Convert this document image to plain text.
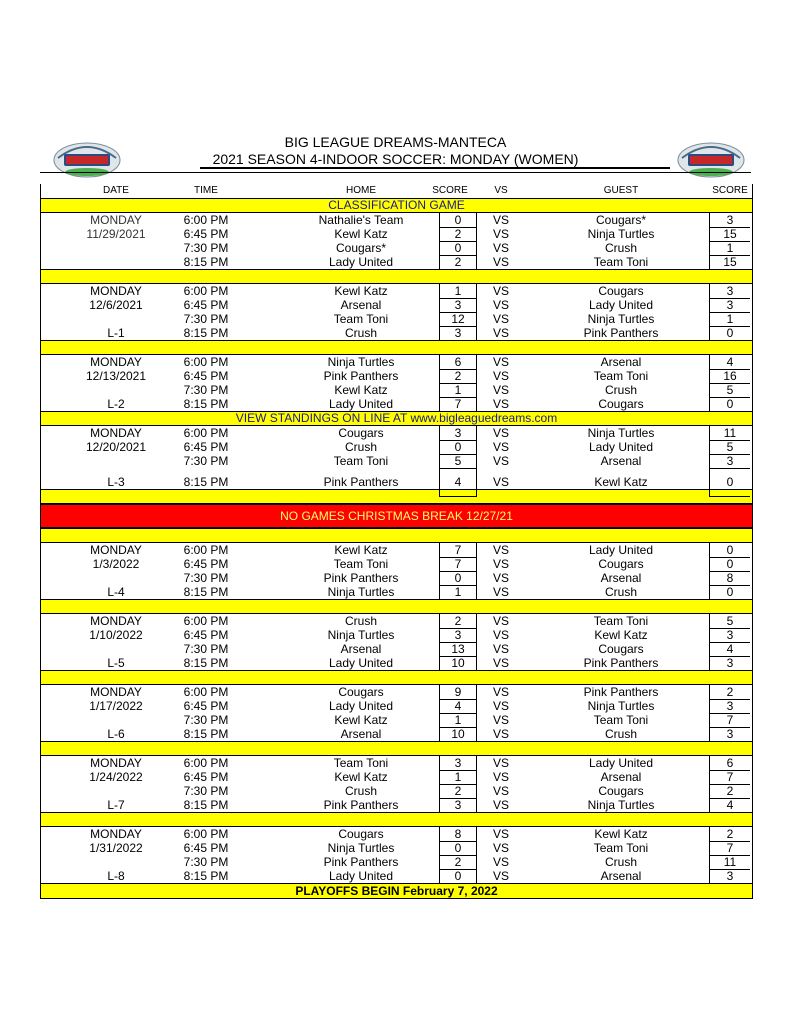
BIG LEAGUE DREAMS-MANTECA
2021 SEASON 4-INDOOR SOCCER: MONDAY (WOMEN)
DATE	TIME	HOME	SCORE	VS	GUEST	SCORE
CLASSIFICATION GAME
MONDAY	6:00 PM	Nathalie's Team	0	VS	Cougars*	3
11/29/2021	6:45 PM	Kewl Katz	2	VS	Ninja Turtles	15
7:30 PM	Cougars*	0	VS	Crush	1
8:15 PM	Lady United	2	VS	Team Toni	15
MONDAY	6:00 PM	Kewl Katz	1	VS	Cougars	3
12/6/2021	6:45 PM	Arsenal	3	VS	Lady United	3
7:30 PM	Team Toni	12	VS	Ninja Turtles	1
L-1	8:15 PM	Crush	3	VS	Pink Panthers	0
MONDAY	6:00 PM	Ninja Turtles	6	VS	Arsenal	4
12/13/2021	6:45 PM	Pink Panthers	2	VS	Team Toni	16
7:30 PM	Kewl Katz	1	VS	Crush	5
L-2	8:15 PM	Lady United	7	VS	Cougars	0
VIEW STANDINGS ON LINE AT www.bigleaguedreams.com
MONDAY	6:00 PM	Cougars	3	VS	Ninja Turtles	11
12/20/2021	6:45 PM	Crush	0	VS	Lady United	5
7:30 PM	Team Toni	5	VS	Arsenal	3
L-3	8:15 PM	Pink Panthers	4	VS	Kewl Katz	0
NO GAMES CHRISTMAS BREAK 12/27/21
MONDAY	6:00 PM	Kewl Katz	7	VS	Lady United	0
1/3/2022	6:45 PM	Team Toni	7	VS	Cougars	0
7:30 PM	Pink Panthers	0	VS	Arsenal	8
L-4	8:15 PM	Ninja Turtles	1	VS	Crush	0
MONDAY	6:00 PM	Crush	2	VS	Team Toni	5
1/10/2022	6:45 PM	Ninja Turtles	3	VS	Kewl Katz	3
7:30 PM	Arsenal	13	VS	Cougars	4
L-5	8:15 PM	Lady United	10	VS	Pink Panthers	3
MONDAY	6:00 PM	Cougars	9	VS	Pink Panthers	2
1/17/2022	6:45 PM	Lady United	4	VS	Ninja Turtles	3
7:30 PM	Kewl Katz	1	VS	Team Toni	7
L-6	8:15 PM	Arsenal	10	VS	Crush	3
MONDAY	6:00 PM	Team Toni	3	VS	Lady United	6
1/24/2022	6:45 PM	Kewl Katz	1	VS	Arsenal	7
7:30 PM	Crush	2	VS	Cougars	2
L-7	8:15 PM	Pink Panthers	3	VS	Ninja Turtles	4
MONDAY	6:00 PM	Cougars	8	VS	Kewl Katz	2
1/31/2022	6:45 PM	Ninja Turtles	0	VS	Team Toni	7
7:30 PM	Pink Panthers	2	VS	Crush	11
L-8	8:15 PM	Lady United	0	VS	Arsenal	3
PLAYOFFS BEGIN February 7, 2022
